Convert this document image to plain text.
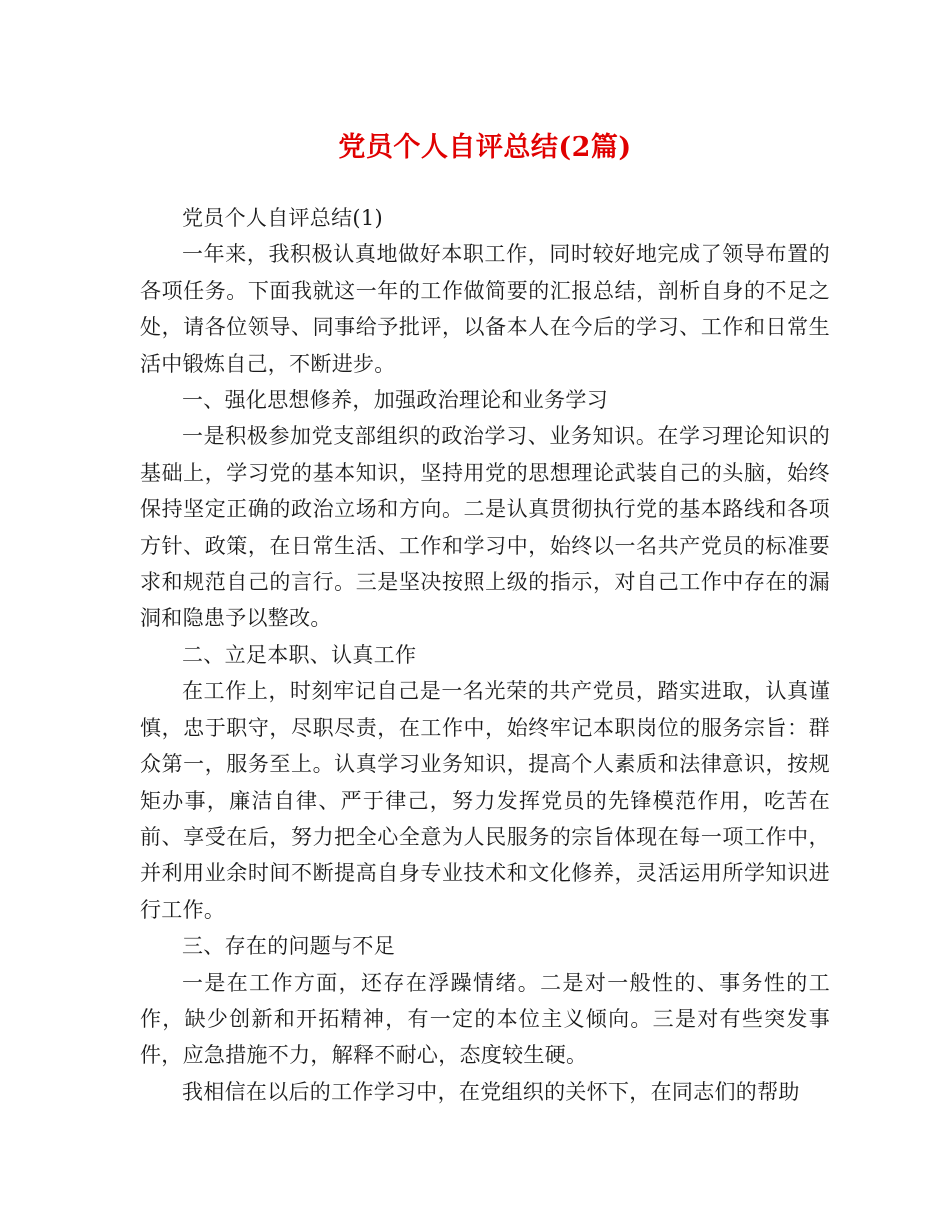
党员个人自评总结(2篇)

党员个人自评总结(1)

一年来，我积极认真地做好本职工作，同时较好地完成了领导布置的各项任务。下面我就这一年的工作做简要的汇报总结，剖析自身的不足之处，请各位领导、同事给予批评，以备本人在今后的学习、工作和日常生活中锻炼自己，不断进步。

一、强化思想修养，加强政治理论和业务学习

一是积极参加党支部组织的政治学习、业务知识。在学习理论知识的基础上，学习党的基本知识，坚持用党的思想理论武装自己的头脑，始终保持坚定正确的政治立场和方向。二是认真贯彻执行党的基本路线和各项方针、政策，在日常生活、工作和学习中，始终以一名共产党员的标准要求和规范自己的言行。三是坚决按照上级的指示，对自己工作中存在的漏洞和隐患予以整改。

二、立足本职、认真工作

在工作上，时刻牢记自己是一名光荣的共产党员，踏实进取，认真谨慎，忠于职守，尽职尽责，在工作中，始终牢记本职岗位的服务宗旨：群众第一，服务至上。认真学习业务知识，提高个人素质和法律意识，按规矩办事，廉洁自律、严于律己，努力发挥党员的先锋模范作用，吃苦在前、享受在后，努力把全心全意为人民服务的宗旨体现在每一项工作中，并利用业余时间不断提高自身专业技术和文化修养，灵活运用所学知识进行工作。

三、存在的问题与不足

一是在工作方面，还存在浮躁情绪。二是对一般性的、事务性的工作，缺少创新和开拓精神，有一定的本位主义倾向。三是对有些突发事件，应急措施不力，解释不耐心，态度较生硬。

我相信在以后的工作学习中，在党组织的关怀下，在同志们的帮助
